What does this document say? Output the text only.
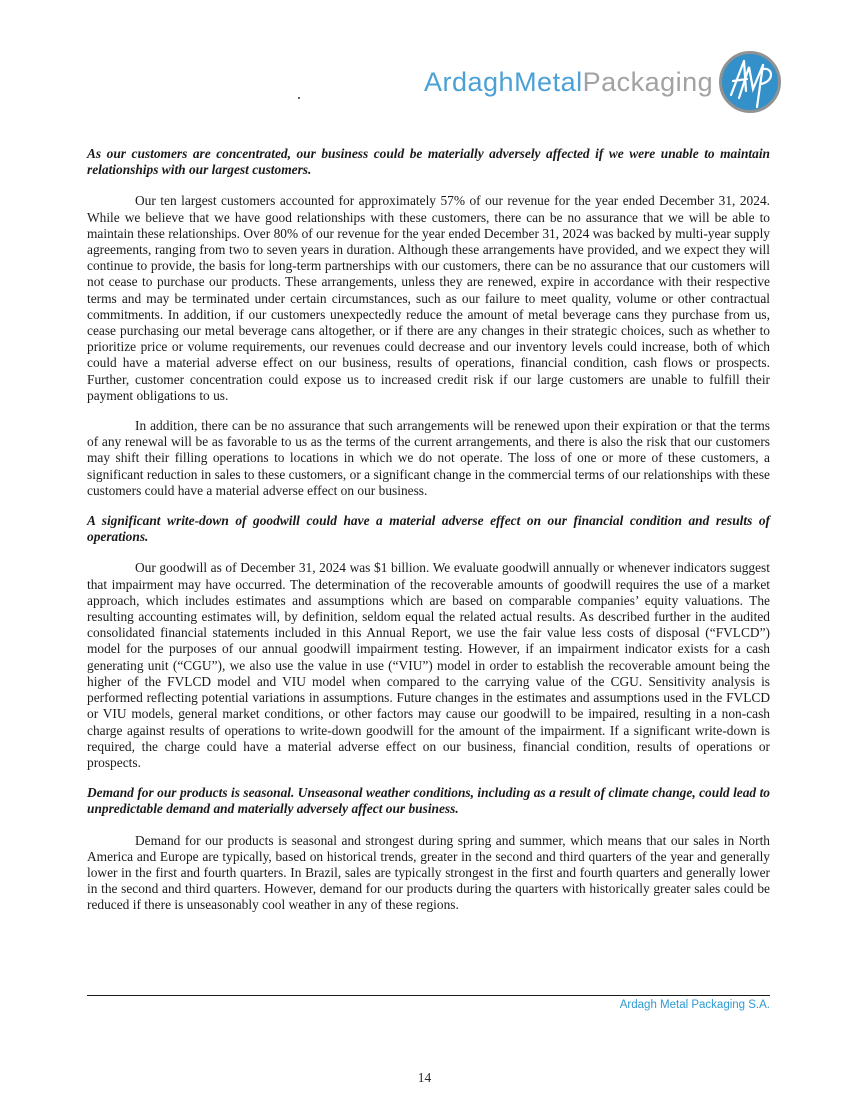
ArdaghMetalPackaging
As our customers are concentrated, our business could be materially adversely affected if we were unable to maintain relationships with our largest customers.

Our ten largest customers accounted for approximately 57% of our revenue for the year ended December 31, 2024. While we believe that we have good relationships with these customers, there can be no assurance that we will be able to maintain these relationships. Over 80% of our revenue for the year ended December 31, 2024 was backed by multi-year supply agreements, ranging from two to seven years in duration. Although these arrangements have provided, and we expect they will continue to provide, the basis for long-term partnerships with our customers, there can be no assurance that our customers will not cease to purchase our products. These arrangements, unless they are renewed, expire in accordance with their respective terms and may be terminated under certain circumstances, such as our failure to meet quality, volume or other contractual commitments. In addition, if our customers unexpectedly reduce the amount of metal beverage cans they purchase from us, cease purchasing our metal beverage cans altogether, or if there are any changes in their strategic choices, such as whether to prioritize price or volume requirements, our revenues could decrease and our inventory levels could increase, both of which could have a material adverse effect on our business, results of operations, financial condition, cash flows or prospects. Further, customer concentration could expose us to increased credit risk if our large customers are unable to fulfill their payment obligations to us.

In addition, there can be no assurance that such arrangements will be renewed upon their expiration or that the terms of any renewal will be as favorable to us as the terms of the current arrangements, and there is also the risk that our customers may shift their filling operations to locations in which we do not operate. The loss of one or more of these customers, a significant reduction in sales to these customers, or a significant change in the commercial terms of our relationships with these customers could have a material adverse effect on our business.

A significant write-down of goodwill could have a material adverse effect on our financial condition and results of operations.

Our goodwill as of December 31, 2024 was $1 billion. We evaluate goodwill annually or whenever indicators suggest that impairment may have occurred. The determination of the recoverable amounts of goodwill requires the use of a market approach, which includes estimates and assumptions which are based on comparable companies’ equity valuations. The resulting accounting estimates will, by definition, seldom equal the related actual results. As described further in the audited consolidated financial statements included in this Annual Report, we use the fair value less costs of disposal (“FVLCD”) model for the purposes of our annual goodwill impairment testing. However, if an impairment indicator exists for a cash generating unit (“CGU”), we also use the value in use (“VIU”) model in order to establish the recoverable amount being the higher of the FVLCD model and VIU model when compared to the carrying value of the CGU. Sensitivity analysis is performed reflecting potential variations in assumptions. Future changes in the estimates and assumptions used in the FVLCD or VIU models, general market conditions, or other factors may cause our goodwill to be impaired, resulting in a non-cash charge against results of operations to write-down goodwill for the amount of the impairment. If a significant write-down is required, the charge could have a material adverse effect on our business, financial condition, results of operations or prospects.

Demand for our products is seasonal. Unseasonal weather conditions, including as a result of climate change, could lead to unpredictable demand and materially adversely affect our business.

Demand for our products is seasonal and strongest during spring and summer, which means that our sales in North America and Europe are typically, based on historical trends, greater in the second and third quarters of the year and generally lower in the first and fourth quarters. In Brazil, sales are typically strongest in the first and fourth quarters and generally lower in the second and third quarters. However, demand for our products during the quarters with historically greater sales could be reduced if there is unseasonably cool weather in any of these regions.

Ardagh Metal Packaging S.A.
14
